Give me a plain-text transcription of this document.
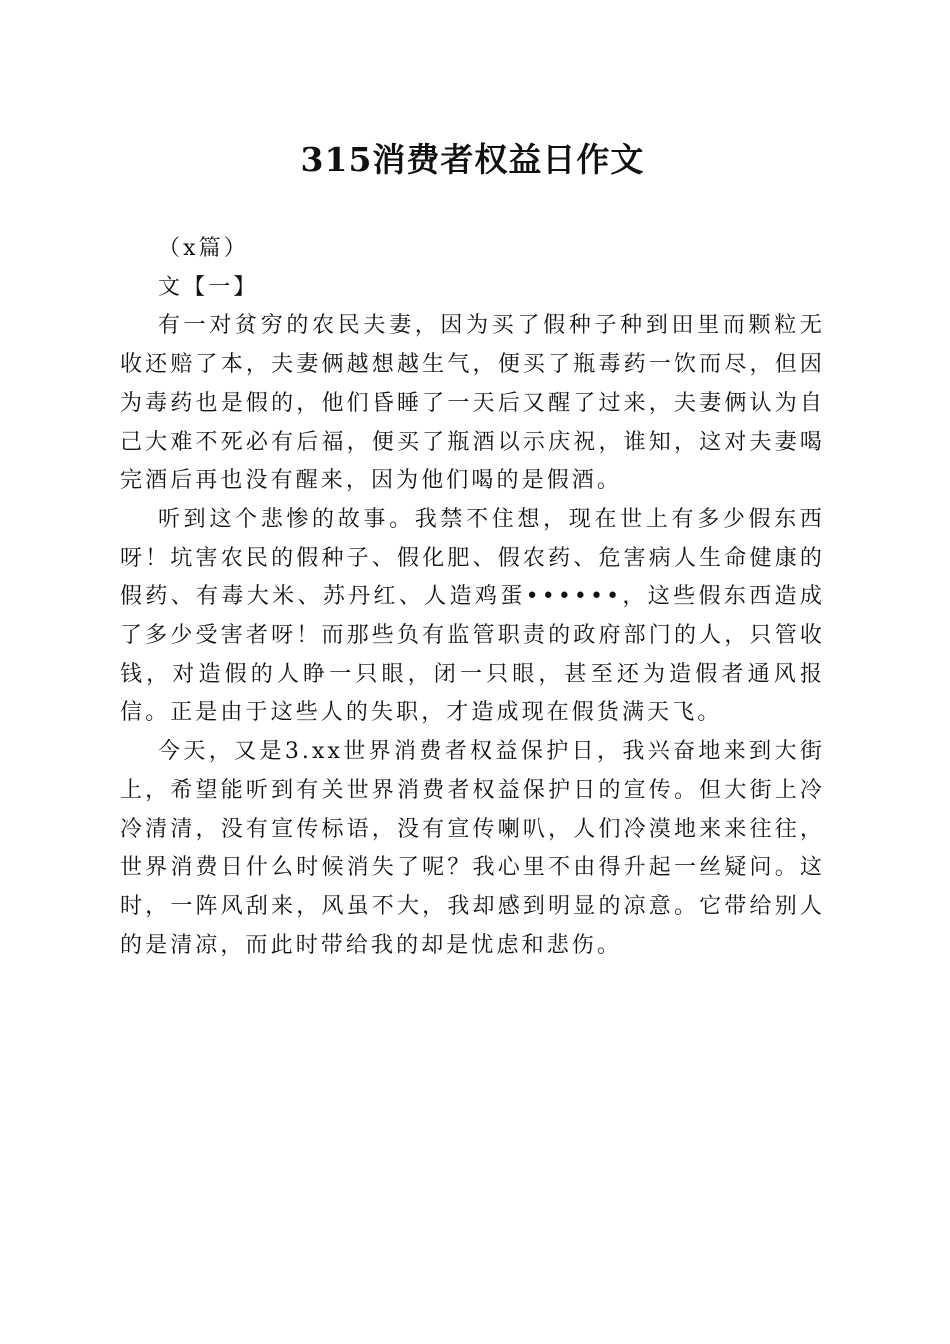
315消费者权益日作文

（x篇）

文【一】

有一对贫穷的农民夫妻，因为买了假种子种到田里而颗粒无收还赔了本，夫妻俩越想越生气，便买了瓶毒药一饮而尽，但因为毒药也是假的，他们昏睡了一天后又醒了过来，夫妻俩认为自己大难不死必有后福，便买了瓶酒以示庆祝，谁知，这对夫妻喝完酒后再也没有醒来，因为他们喝的是假酒。

听到这个悲惨的故事。我禁不住想，现在世上有多少假东西呀！坑害农民的假种子、假化肥、假农药、危害病人生命健康的假药、有毒大米、苏丹红、人造鸡蛋••••••，这些假东西造成了多少受害者呀！而那些负有监管职责的政府部门的人，只管收钱，对造假的人睁一只眼，闭一只眼，甚至还为造假者通风报信。正是由于这些人的失职，才造成现在假货满天飞。

今天，又是3.xx世界消费者权益保护日，我兴奋地来到大街上，希望能听到有关世界消费者权益保护日的宣传。但大街上冷冷清清，没有宣传标语，没有宣传喇叭，人们冷漠地来来往往，世界消费日什么时候消失了呢？我心里不由得升起一丝疑问。这时，一阵风刮来，风虽不大，我却感到明显的凉意。它带给别人的是清凉，而此时带给我的却是忧虑和悲伤。
